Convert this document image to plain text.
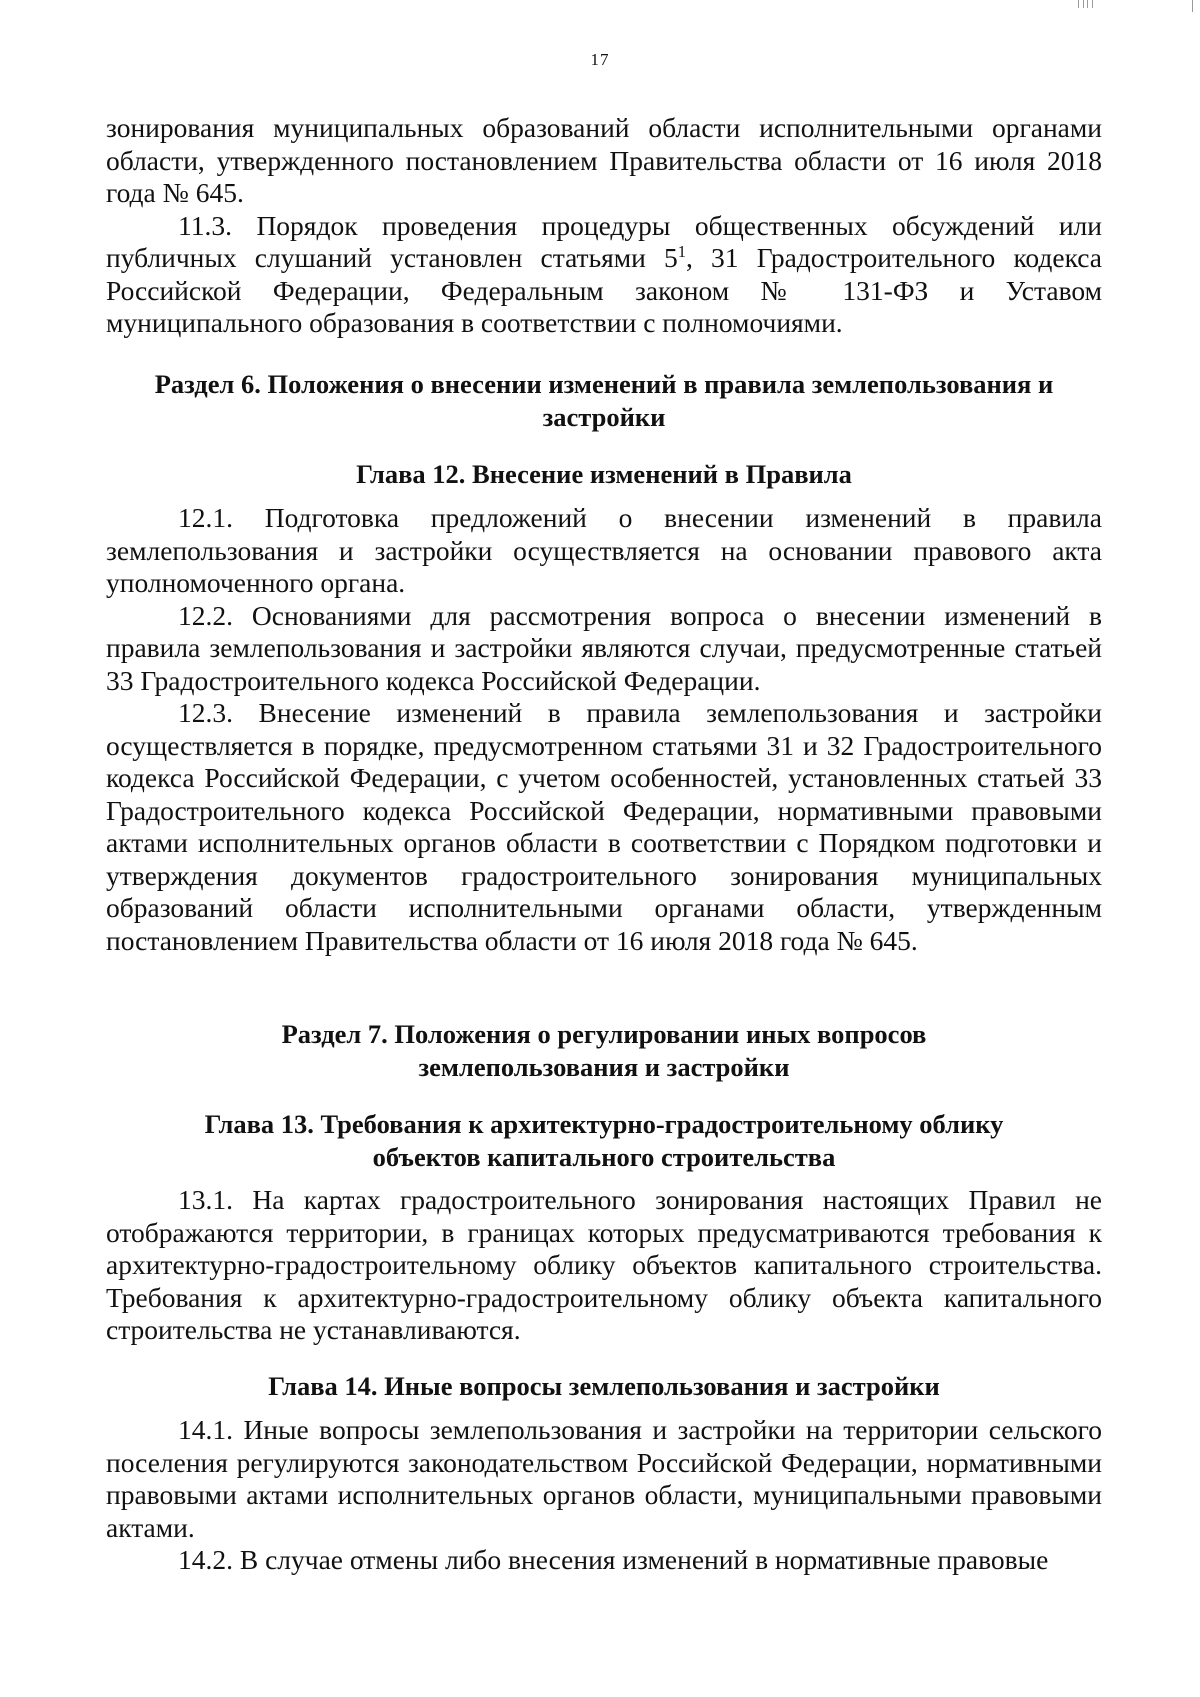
17

зонирования муниципальных образований области исполнительными органами области, утвержденного постановлением Правительства области от 16 июля 2018 года № 645.

11.3. Порядок проведения процедуры общественных обсуждений или публичных слушаний установлен статьями $5^1$, 31 Градостроительного кодекса Российской Федерации, Федеральным законом № 131-ФЗ и Уставом муниципального образования в соответствии с полномочиями.

Раздел 6. Положения о внесении изменений в правила землепользования и
застройки
Глава 12. Внесение изменений в Правила

12.1. Подготовка предложений о внесении изменений в правила землепользования и застройки осуществляется на основании правового акта уполномоченного органа.

12.2. Основаниями для рассмотрения вопроса о внесении изменений в правила землепользования и застройки являются случаи, предусмотренные статьей 33 Градостроительного кодекса Российской Федерации.

12.3. Внесение изменений в правила землепользования и застройки осуществляется в порядке, предусмотренном статьями 31 и 32 Градостроительного кодекса Российской Федерации, с учетом особенностей, установленных статьей 33 Градостроительного кодекса Российской Федерации, нормативными правовыми актами исполнительных органов области в соответствии с Порядком подготовки и утверждения документов градостроительного зонирования муниципальных образований области исполнительными органами области, утвержденным постановлением Правительства области от 16 июля 2018 года № 645.

Раздел 7. Положения о регулировании иных вопросов
землепользования и застройки
Глава 13. Требования к архитектурно-градостроительному облику
объектов капитального строительства

13.1. На картах градостроительного зонирования настоящих Правил не отображаются территории, в границах которых предусматриваются требования к архитектурно-градостроительному облику объектов капитального строительства. Требования к архитектурно-градостроительному облику объекта капитального строительства не устанавливаются.

Глава 14. Иные вопросы землепользования и застройки

14.1. Иные вопросы землепользования и застройки на территории сельского поселения регулируются законодательством Российской Федерации, нормативными правовыми актами исполнительных органов области, муниципальными правовыми актами.

14.2. В случае отмены либо внесения изменений в нормативные правовые
